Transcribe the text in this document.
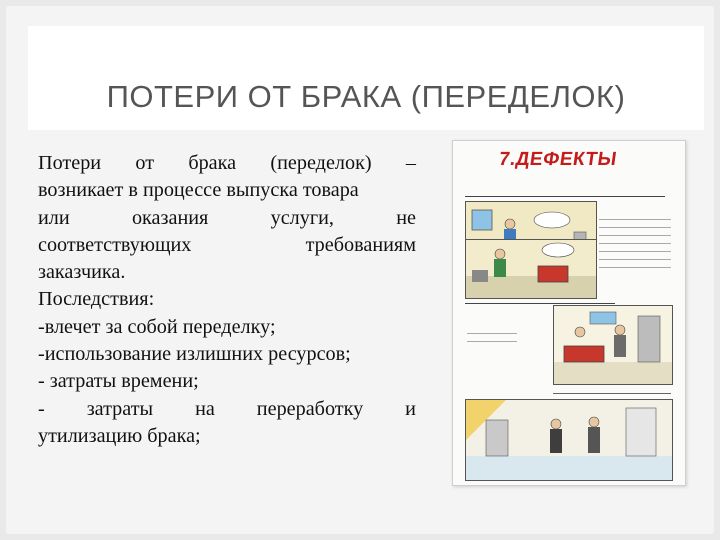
ПОТЕРИ ОТ БРАКА (ПЕРЕДЕЛОК)
Потери от брака (переделок) –
возникает в процессе выпуска товара
или оказания услуги, не
соответствующих требованиям
заказчика.
Последствия:
-влечет за собой переделку;
-использование излишних ресурсов;
- затраты времени;
- затраты на переработку и
утилизацию брака;
7.ДЕФЕКТЫ
